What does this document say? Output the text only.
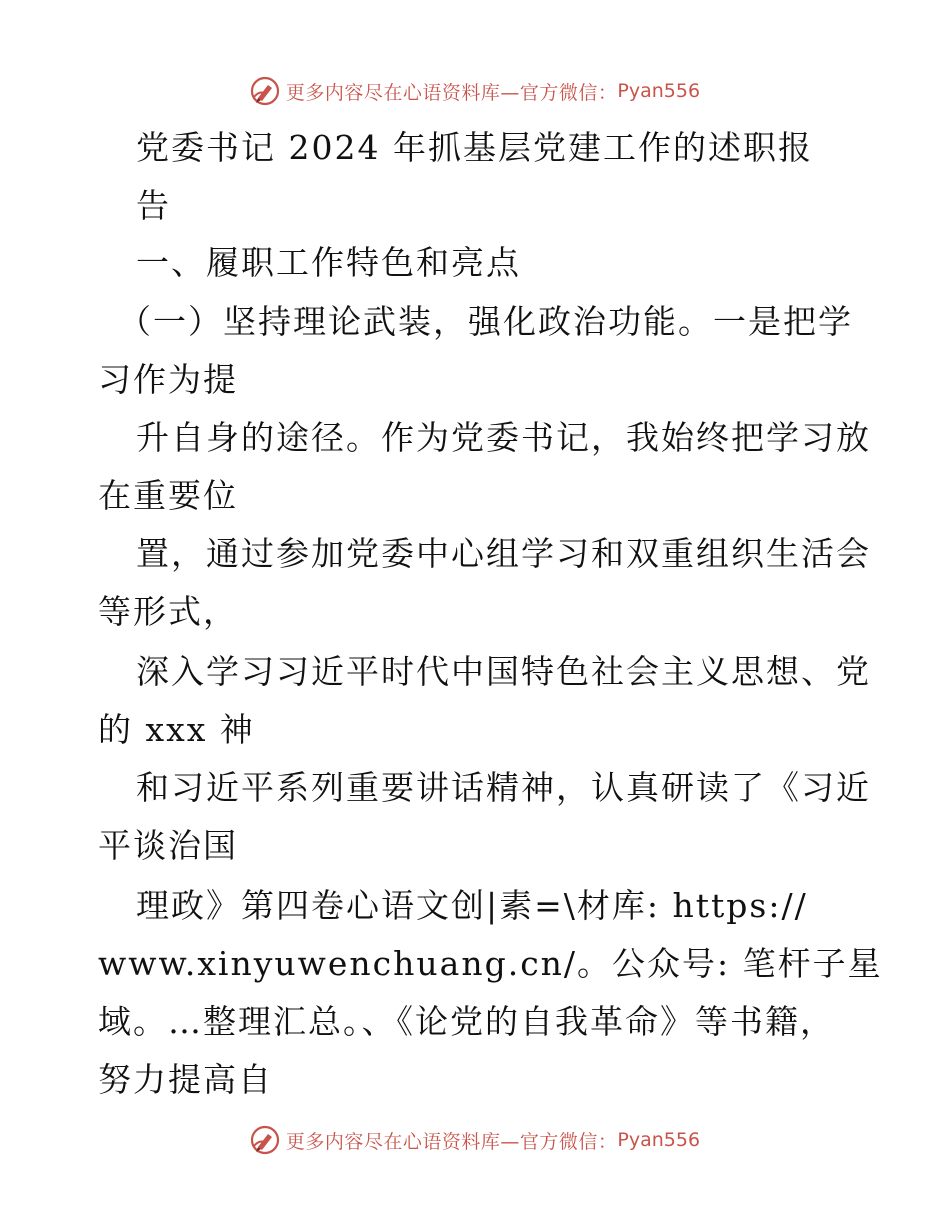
更多内容尽在心语资料库—官方微信： Pyan556
党委书记 2024 年抓基层党建工作的述职报
告
一、履职工作特色和亮点
（一）坚持理论武装，强化政治功能。一是把学
习作为提
升自身的途径。作为党委书记，我始终把学习放
在重要位
置，通过参加党委中心组学习和双重组织生活会
等形式，
深入学习习近平时代中国特色社会主义思想、党
的 xxx 神
和习近平系列重要讲话精神，认真研读了《习近
平谈治国
理政》第四卷心语文创|素=\材库: https://
www.xinyuwenchuang.cn/。公众号: 笔杆子星
域。…整理汇总。、《论党的自我革命》等书籍，
努力提高自
更多内容尽在心语资料库—官方微信： Pyan556
